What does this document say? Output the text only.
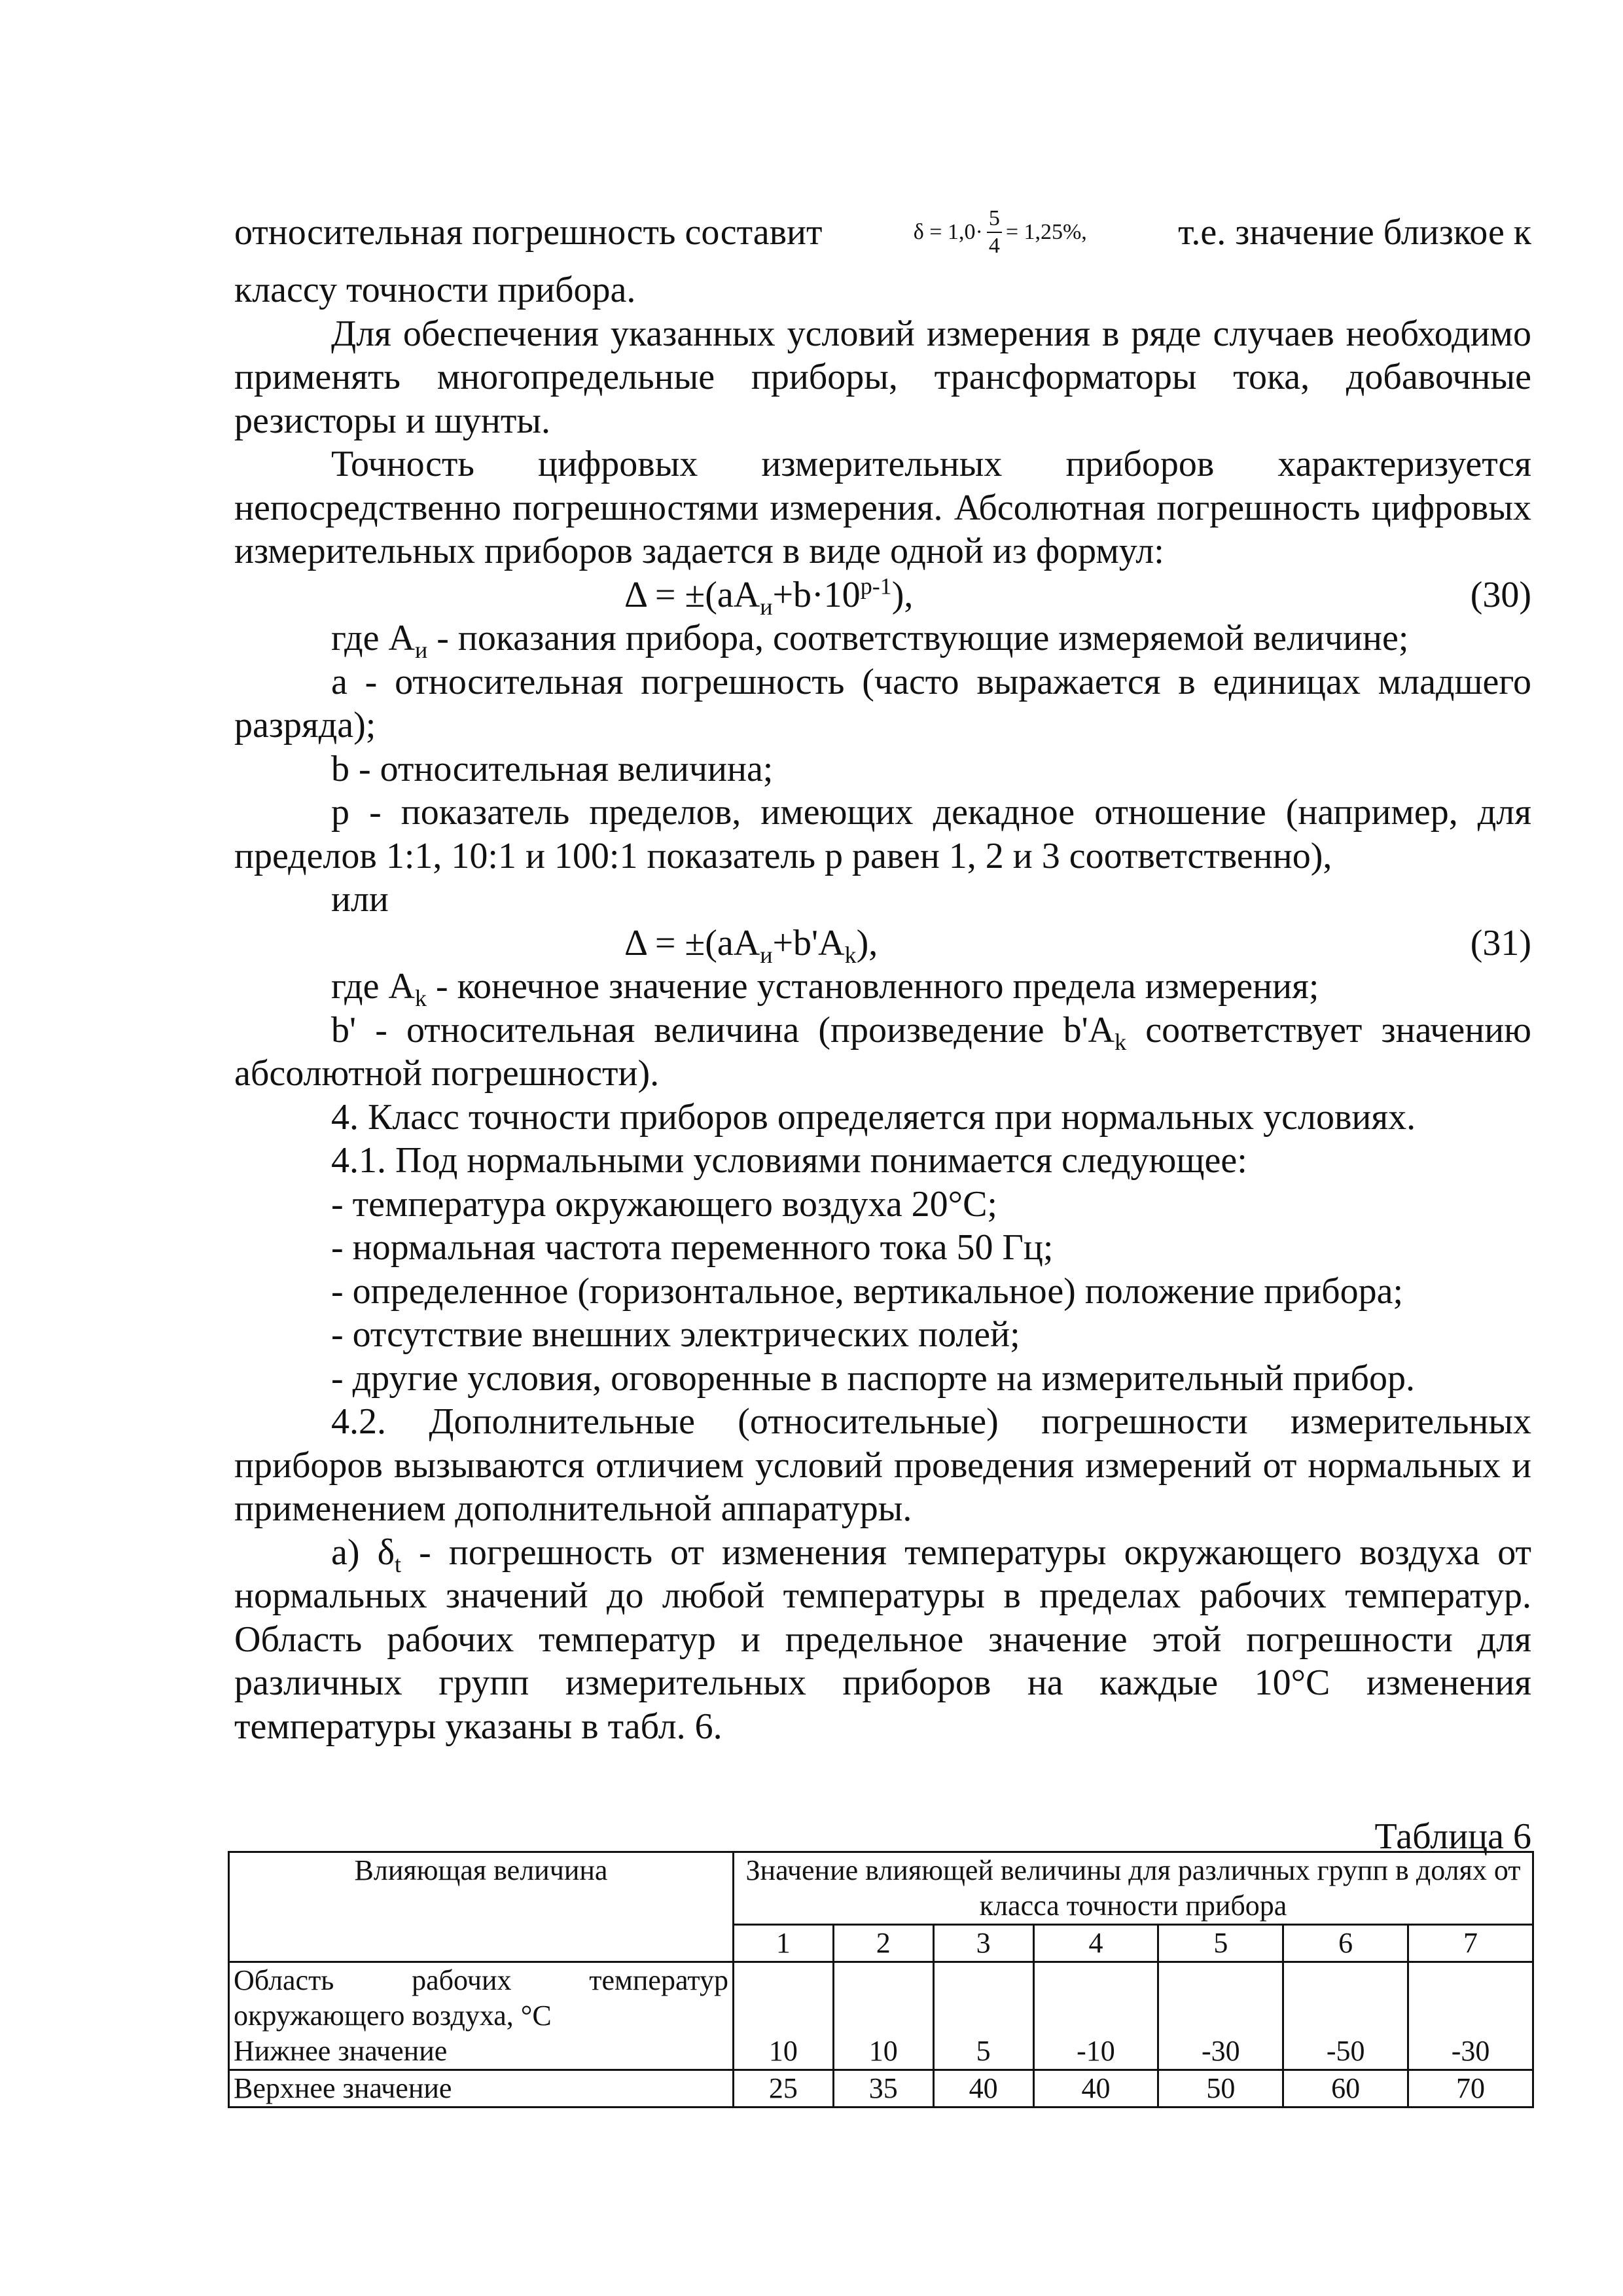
относительная погрешность составит	$\delta = 1,0\cdot \frac{5}{4} = 1,25\%$, т.е. значение близкое к

классу точности прибора.

Для обеспечения указанных условий измерения в ряде случаев необходимо применять многопредельные приборы, трансформаторы тока, добавочные резисторы и шунты.

Точность цифровых измерительных приборов характеризуется непосредственно погрешностями измерения. Абсолютная погрешность цифровых измерительных приборов задается в виде одной из формул:

$\Delta = \pm(aA_и+b\cdot 10^{p-1})$,	(30)

где $A_и$ - показания прибора, соответствующие измеряемой величине;

a - относительная погрешность (часто выражается в единицах младшего разряда);

b - относительная величина;

p - показатель пределов, имеющих декадное отношение (например, для пределов 1:1, 10:1 и 100:1 показатель p равен 1, 2 и 3 соответственно),

или

$\Delta = \pm(aA_и+b'A_k)$,	(31)

где $A_k$ - конечное значение установленного предела измерения;

b' - относительная величина (произведение $b'A_k$ соответствует значению абсолютной погрешности).

4. Класс точности приборов определяется при нормальных условиях.

4.1. Под нормальными условиями понимается следующее:

- температура окружающего воздуха 20°С;

- нормальная частота переменного тока 50 Гц;

- определенное (горизонтальное, вертикальное) положение прибора;

- отсутствие внешних электрических полей;

- другие условия, оговоренные в паспорте на измерительный прибор.

4.2. Дополнительные (относительные) погрешности измерительных приборов вызываются отличием условий проведения измерений от нормальных и применением дополнительной аппаратуры.

а) $\delta_t$ - погрешность от изменения температуры окружающего воздуха от нормальных значений до любой температуры в пределах рабочих температур. Область рабочих температур и предельное значение этой погрешности для различных групп измерительных приборов на каждые 10°С изменения температуры указаны в табл. 6.

Таблица 6

Влияющая величина	Значение влияющей величины для различных групп в долях от класса точности прибора						
	1	2	3	4	5	6	7

Область рабочих температур
окружающего воздуха, °С
Нижнее значение	10	10	5	-10	-30	-50	-30
Верхнее значение	25	35	40	40	50	60	70
